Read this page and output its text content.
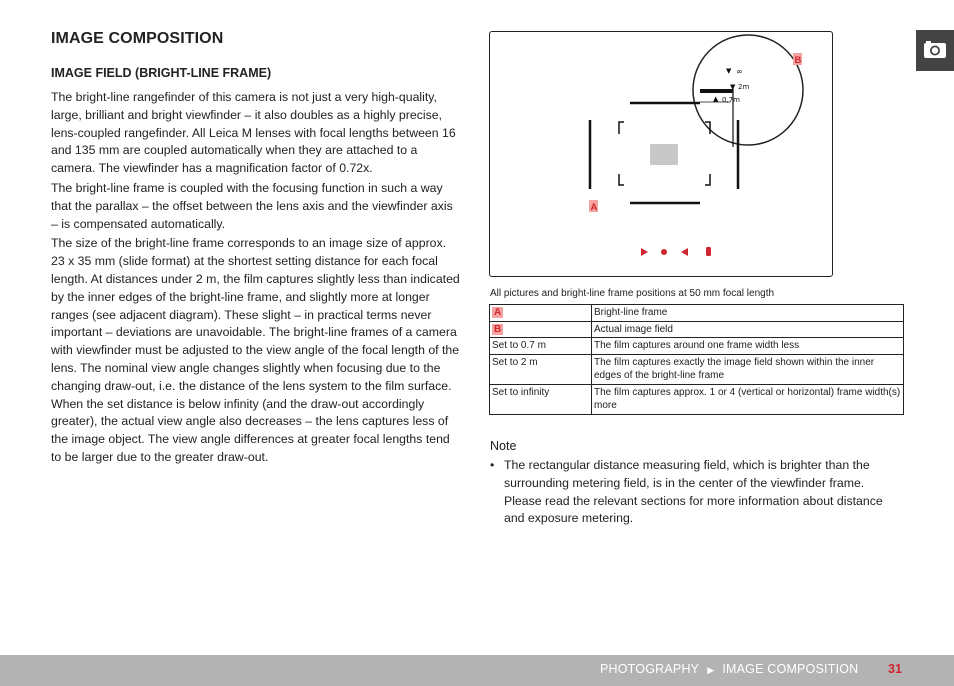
IMAGE COMPOSITION
IMAGE FIELD (BRIGHT-LINE FRAME)

The bright-line rangefinder of this camera is not just a very high-quality, large, brilliant and bright viewfinder – it also doubles as a highly precise, lens-coupled rangefinder. All Leica M lenses with focal lengths between 16 and 135 mm are coupled automatically when they are attached to a camera. The viewfinder has a magnification factor of 0.72x.

The bright-line frame is coupled with the focusing function in such a way that the parallax – the offset between the lens axis and the viewfinder axis – is compensated automatically.

The size of the bright-line frame corresponds to an image size of approx. 23 x 35 mm (slide format) at the shortest setting distance for each focal length. At distances under 2 m, the film captures slightly less than indicated by the inner edges of the bright-line frame, and slightly more at longer ranges (see adjacent diagram). These slight – in practical terms never important – deviations are unavoidable. The bright-line frames of a camera with viewfinder must be adjusted to the view angle of the focal length of the lens. The nominal view angle changes slightly when focusing due to the changing draw-out, i.e. the distance of the lens system to the film surface. When the set distance is below infinity (and the draw-out accordingly greater), the actual view angle also decreases – the lens captures less of the image object. The view angle differences at greater focal lengths tend to be larger due to the greater draw-out.

▼ ∞
▼ 2m
▲ 0,7m
B
A
All pictures and bright-line frame positions at 50 mm focal length
A	Bright-line frame
B	Actual image field
Set to 0.7 m	The film captures around one frame width less
Set to 2 m	The film captures exactly the image field shown within the inner edges of the bright-line frame
Set to infinity	The film captures approx. 1 or 4 (vertical or horizontal) frame width(s) more
Note
• The rectangular distance measuring field, which is brighter than the surrounding metering field, is in the center of the viewfinder frame. Please read the relevant sections for more information about distance and exposure metering.
PHOTOGRAPHY ▶ IMAGE COMPOSITION 31
